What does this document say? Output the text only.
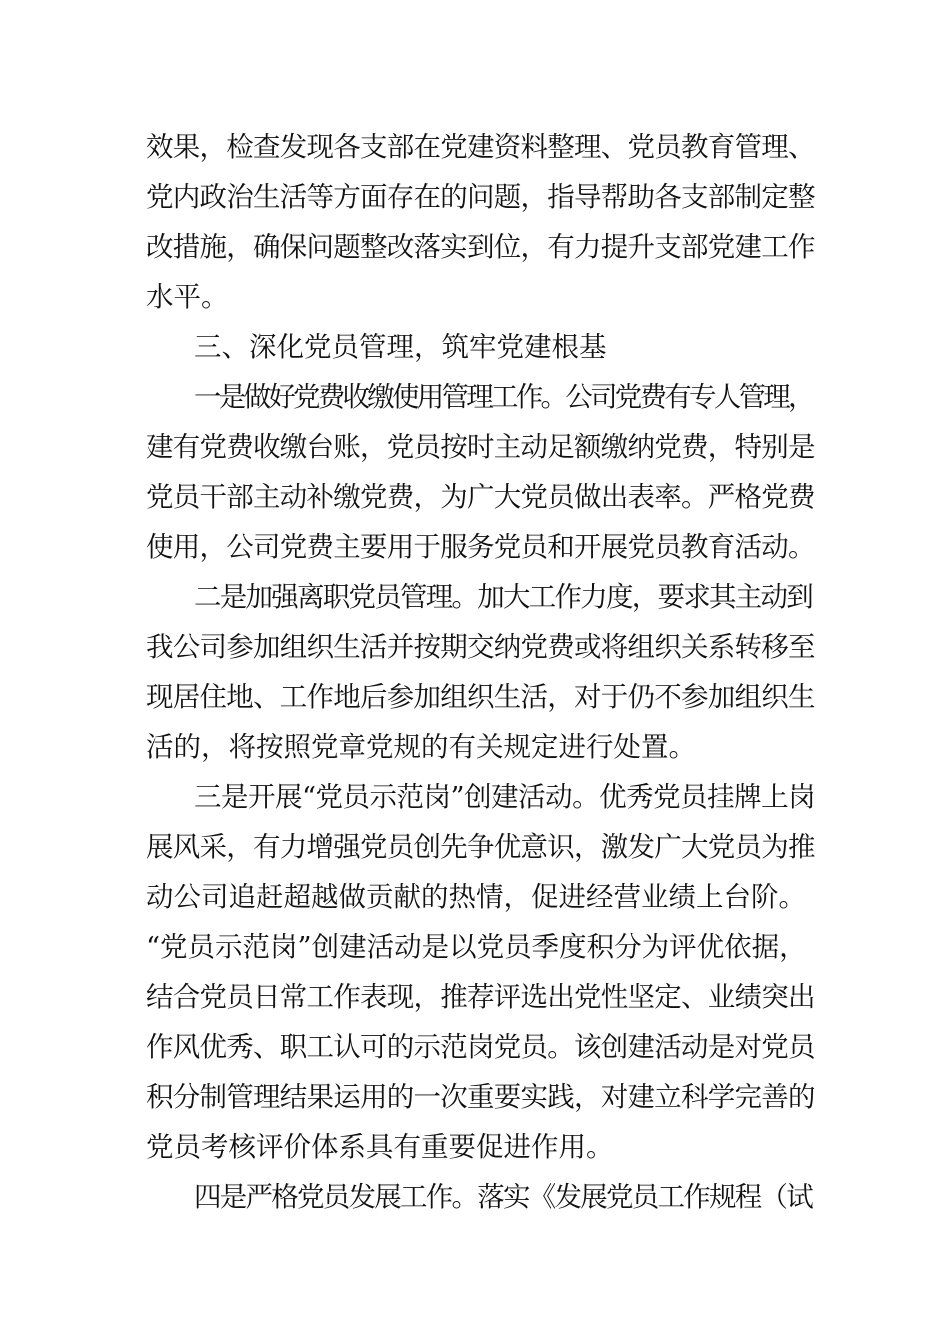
效果，检查发现各支部在党建资料整理、党员教育管理、
党内政治生活等方面存在的问题，指导帮助各支部制定整
改措施，确保问题整改落实到位，有力提升支部党建工作
水平。
三、深化党员管理，筑牢党建根基
一是做好党费收缴使用管理工作。公司党费有专人管理，
建有党费收缴台账，党员按时主动足额缴纳党费，特别是
党员干部主动补缴党费，为广大党员做出表率。严格党费
使用，公司党费主要用于服务党员和开展党员教育活动。
二是加强离职党员管理。加大工作力度，要求其主动到
我公司参加组织生活并按期交纳党费或将组织关系转移至
现居住地、工作地后参加组织生活，对于仍不参加组织生
活的，将按照党章党规的有关规定进行处置。
三是开展“党员示范岗”创建活动。优秀党员挂牌上岗
展风采，有力增强党员创先争优意识，激发广大党员为推
动公司追赶超越做贡献的热情，促进经营业绩上台阶。
“党员示范岗”创建活动是以党员季度积分为评优依据，
结合党员日常工作表现，推荐评选出党性坚定、业绩突出
作风优秀、职工认可的示范岗党员。该创建活动是对党员
积分制管理结果运用的一次重要实践，对建立科学完善的
党员考核评价体系具有重要促进作用。
四是严格党员发展工作。落实《发展党员工作规程（试
